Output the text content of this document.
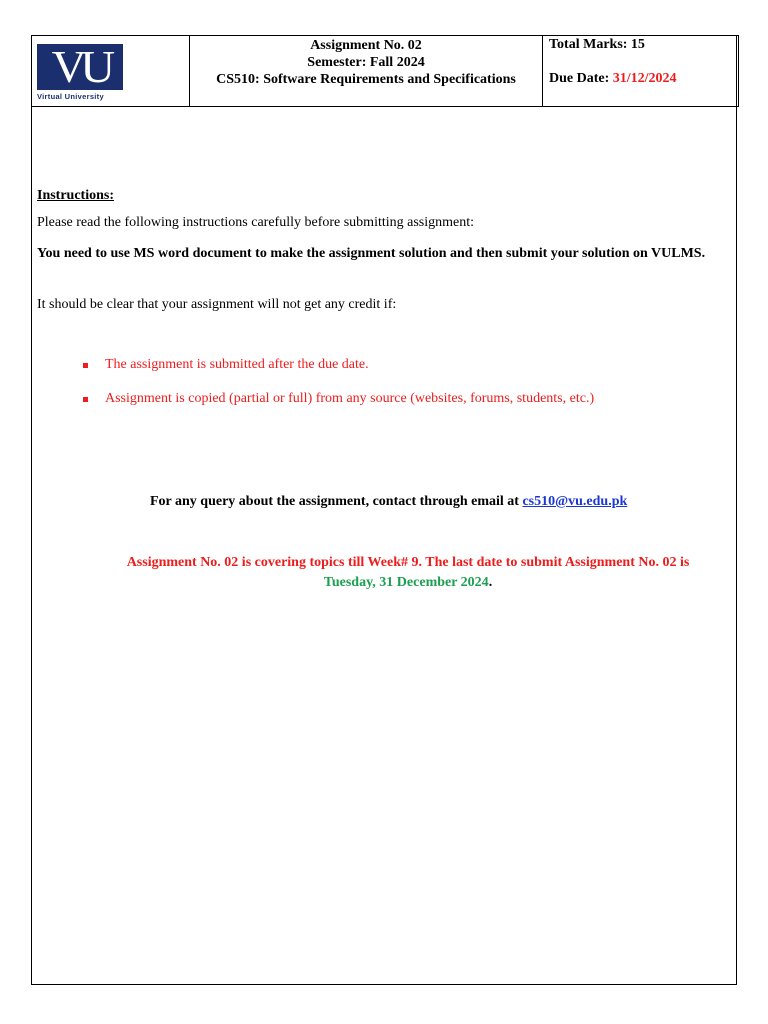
VU
Virtual University

Assignment No. 02
Semester: Fall 2024
CS510: Software Requirements and Specifications

Total Marks: 15
Due Date: 31/12/2024
Instructions:
Please read the following instructions carefully before submitting assignment:
You need to use MS word document to make the assignment solution and then submit your solution on VULMS.
It should be clear that your assignment will not get any credit if:
The assignment is submitted after the due date.
Assignment is copied (partial or full) from any source (websites, forums, students, etc.)
For any query about the assignment, contact through email at cs510@vu.edu.pk
Assignment No. 02 is covering topics till Week# 9. The last date to submit Assignment No. 02 is
Tuesday, 31 December 2024.
